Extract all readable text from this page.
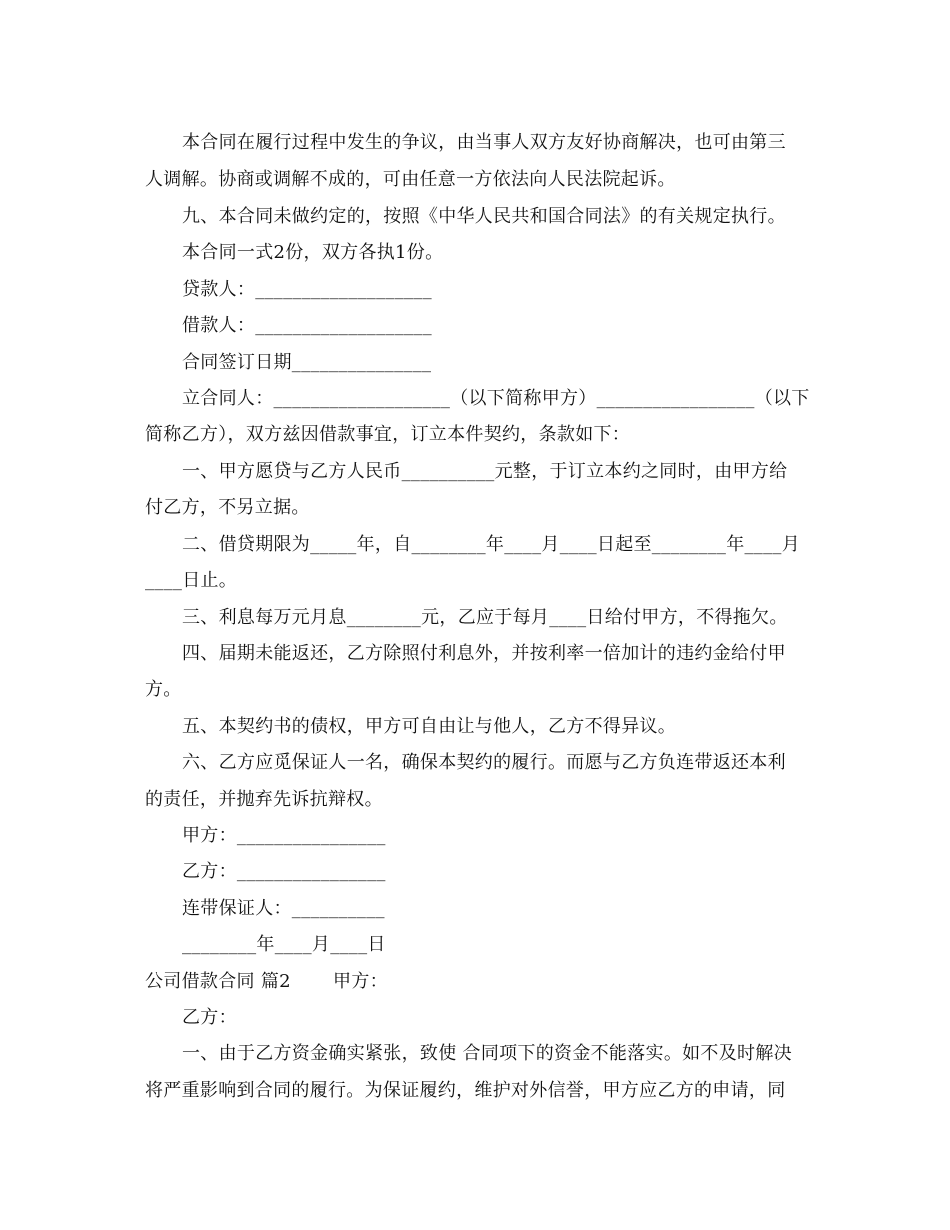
本合同在履行过程中发生的争议，由当事人双方友好协商解决，也可由第三
人调解。协商或调解不成的，可由任意一方依法向人民法院起诉。
九、本合同未做约定的，按照《中华人民共和国合同法》的有关规定执行。
本合同一式2份，双方各执1份。
贷款人：___________________
借款人：___________________
合同签订日期_______________
立合同人：___________________（以下简称甲方）_________________（以下
简称乙方），双方兹因借款事宜，订立本件契约，条款如下：
一、甲方愿贷与乙方人民币__________元整，于订立本约之同时，由甲方给
付乙方，不另立据。
二、借贷期限为_____年，自________年____月____日起至________年____月
____日止。
三、利息每万元月息________元，乙应于每月____日给付甲方，不得拖欠。
四、届期未能返还，乙方除照付利息外，并按利率一倍加计的违约金给付甲
方。
五、本契约书的债权，甲方可自由让与他人，乙方不得异议。
六、乙方应觅保证人一名，确保本契约的履行。而愿与乙方负连带返还本利
的责任，并抛弃先诉抗辩权。
甲方：________________
乙方：________________
连带保证人：__________
________年____月____日
公司借款合同 篇2       甲方：
乙方：
一、由于乙方资金确实紧张，致使 合同项下的资金不能落实。如不及时解决
将严重影响到合同的履行。为保证履约，维护对外信誉，甲方应乙方的申请，同
